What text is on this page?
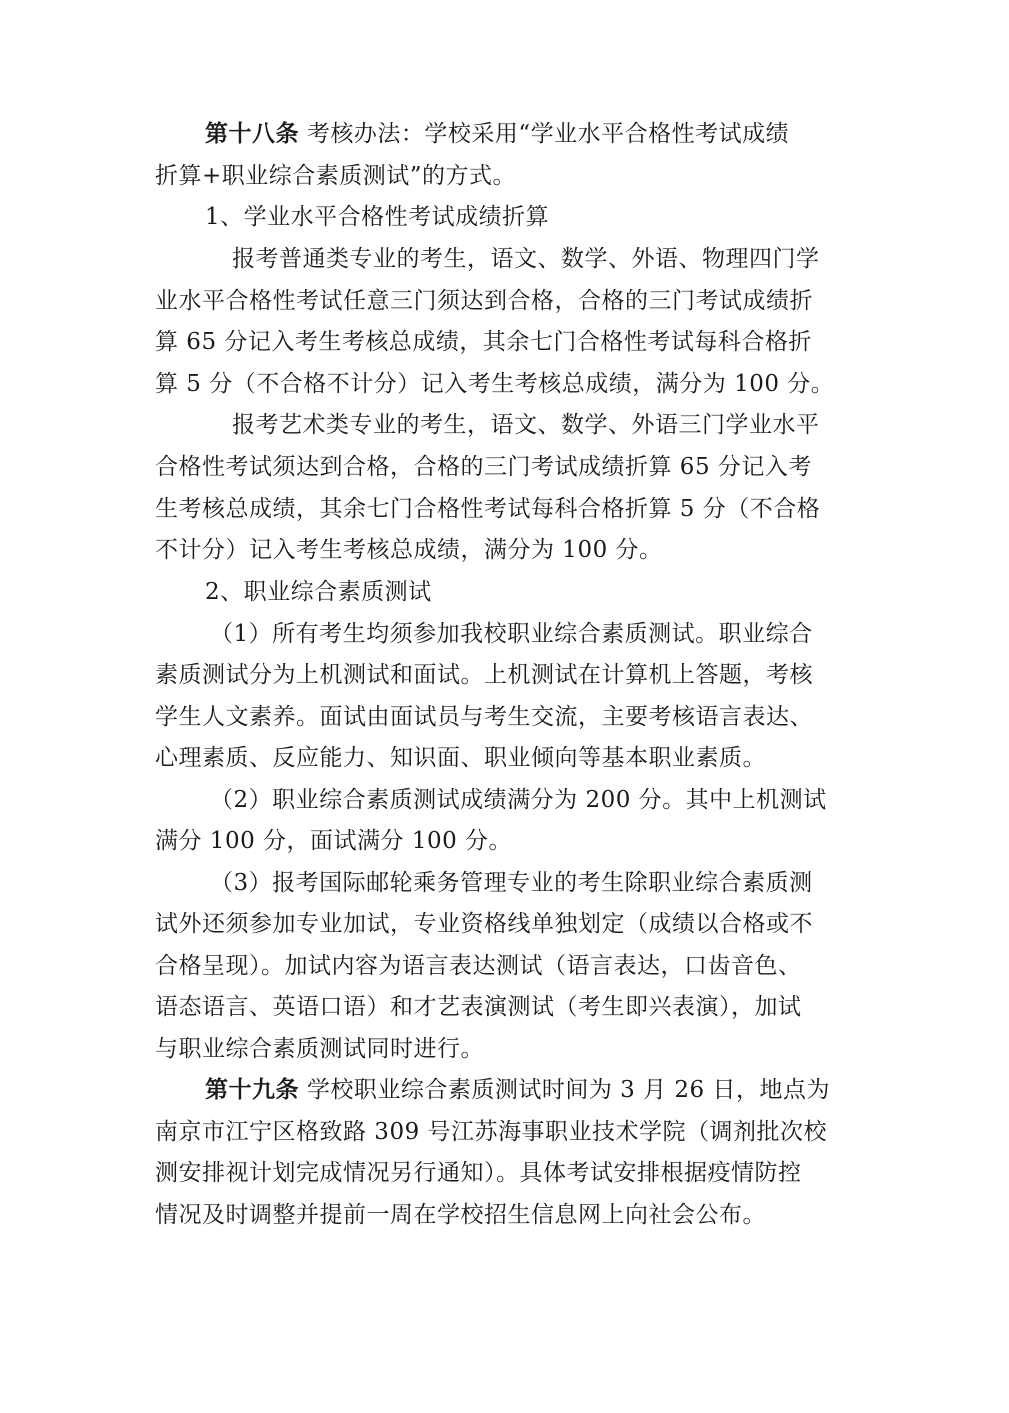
第十八条 考核办法：学校采用“学业水平合格性考试成绩
折算+职业综合素质测试”的方式。
1、学业水平合格性考试成绩折算
报考普通类专业的考生，语文、数学、外语、物理四门学
业水平合格性考试任意三门须达到合格，合格的三门考试成绩折
算 65 分记入考生考核总成绩，其余七门合格性考试每科合格折
算 5 分（不合格不计分）记入考生考核总成绩，满分为 100 分。
报考艺术类专业的考生，语文、数学、外语三门学业水平
合格性考试须达到合格，合格的三门考试成绩折算 65 分记入考
生考核总成绩，其余七门合格性考试每科合格折算 5 分（不合格
不计分）记入考生考核总成绩，满分为 100 分。
2、职业综合素质测试
（1）所有考生均须参加我校职业综合素质测试。职业综合
素质测试分为上机测试和面试。上机测试在计算机上答题，考核
学生人文素养。面试由面试员与考生交流，主要考核语言表达、
心理素质、反应能力、知识面、职业倾向等基本职业素质。
（2）职业综合素质测试成绩满分为 200 分。其中上机测试
满分 100 分，面试满分 100 分。
（3）报考国际邮轮乘务管理专业的考生除职业综合素质测
试外还须参加专业加试，专业资格线单独划定（成绩以合格或不
合格呈现）。加试内容为语言表达测试（语言表达，口齿音色、
语态语言、英语口语）和才艺表演测试（考生即兴表演），加试
与职业综合素质测试同时进行。
第十九条 学校职业综合素质测试时间为 3 月 26 日，地点为
南京市江宁区格致路 309 号江苏海事职业技术学院（调剂批次校
测安排视计划完成情况另行通知）。具体考试安排根据疫情防控
情况及时调整并提前一周在学校招生信息网上向社会公布。
